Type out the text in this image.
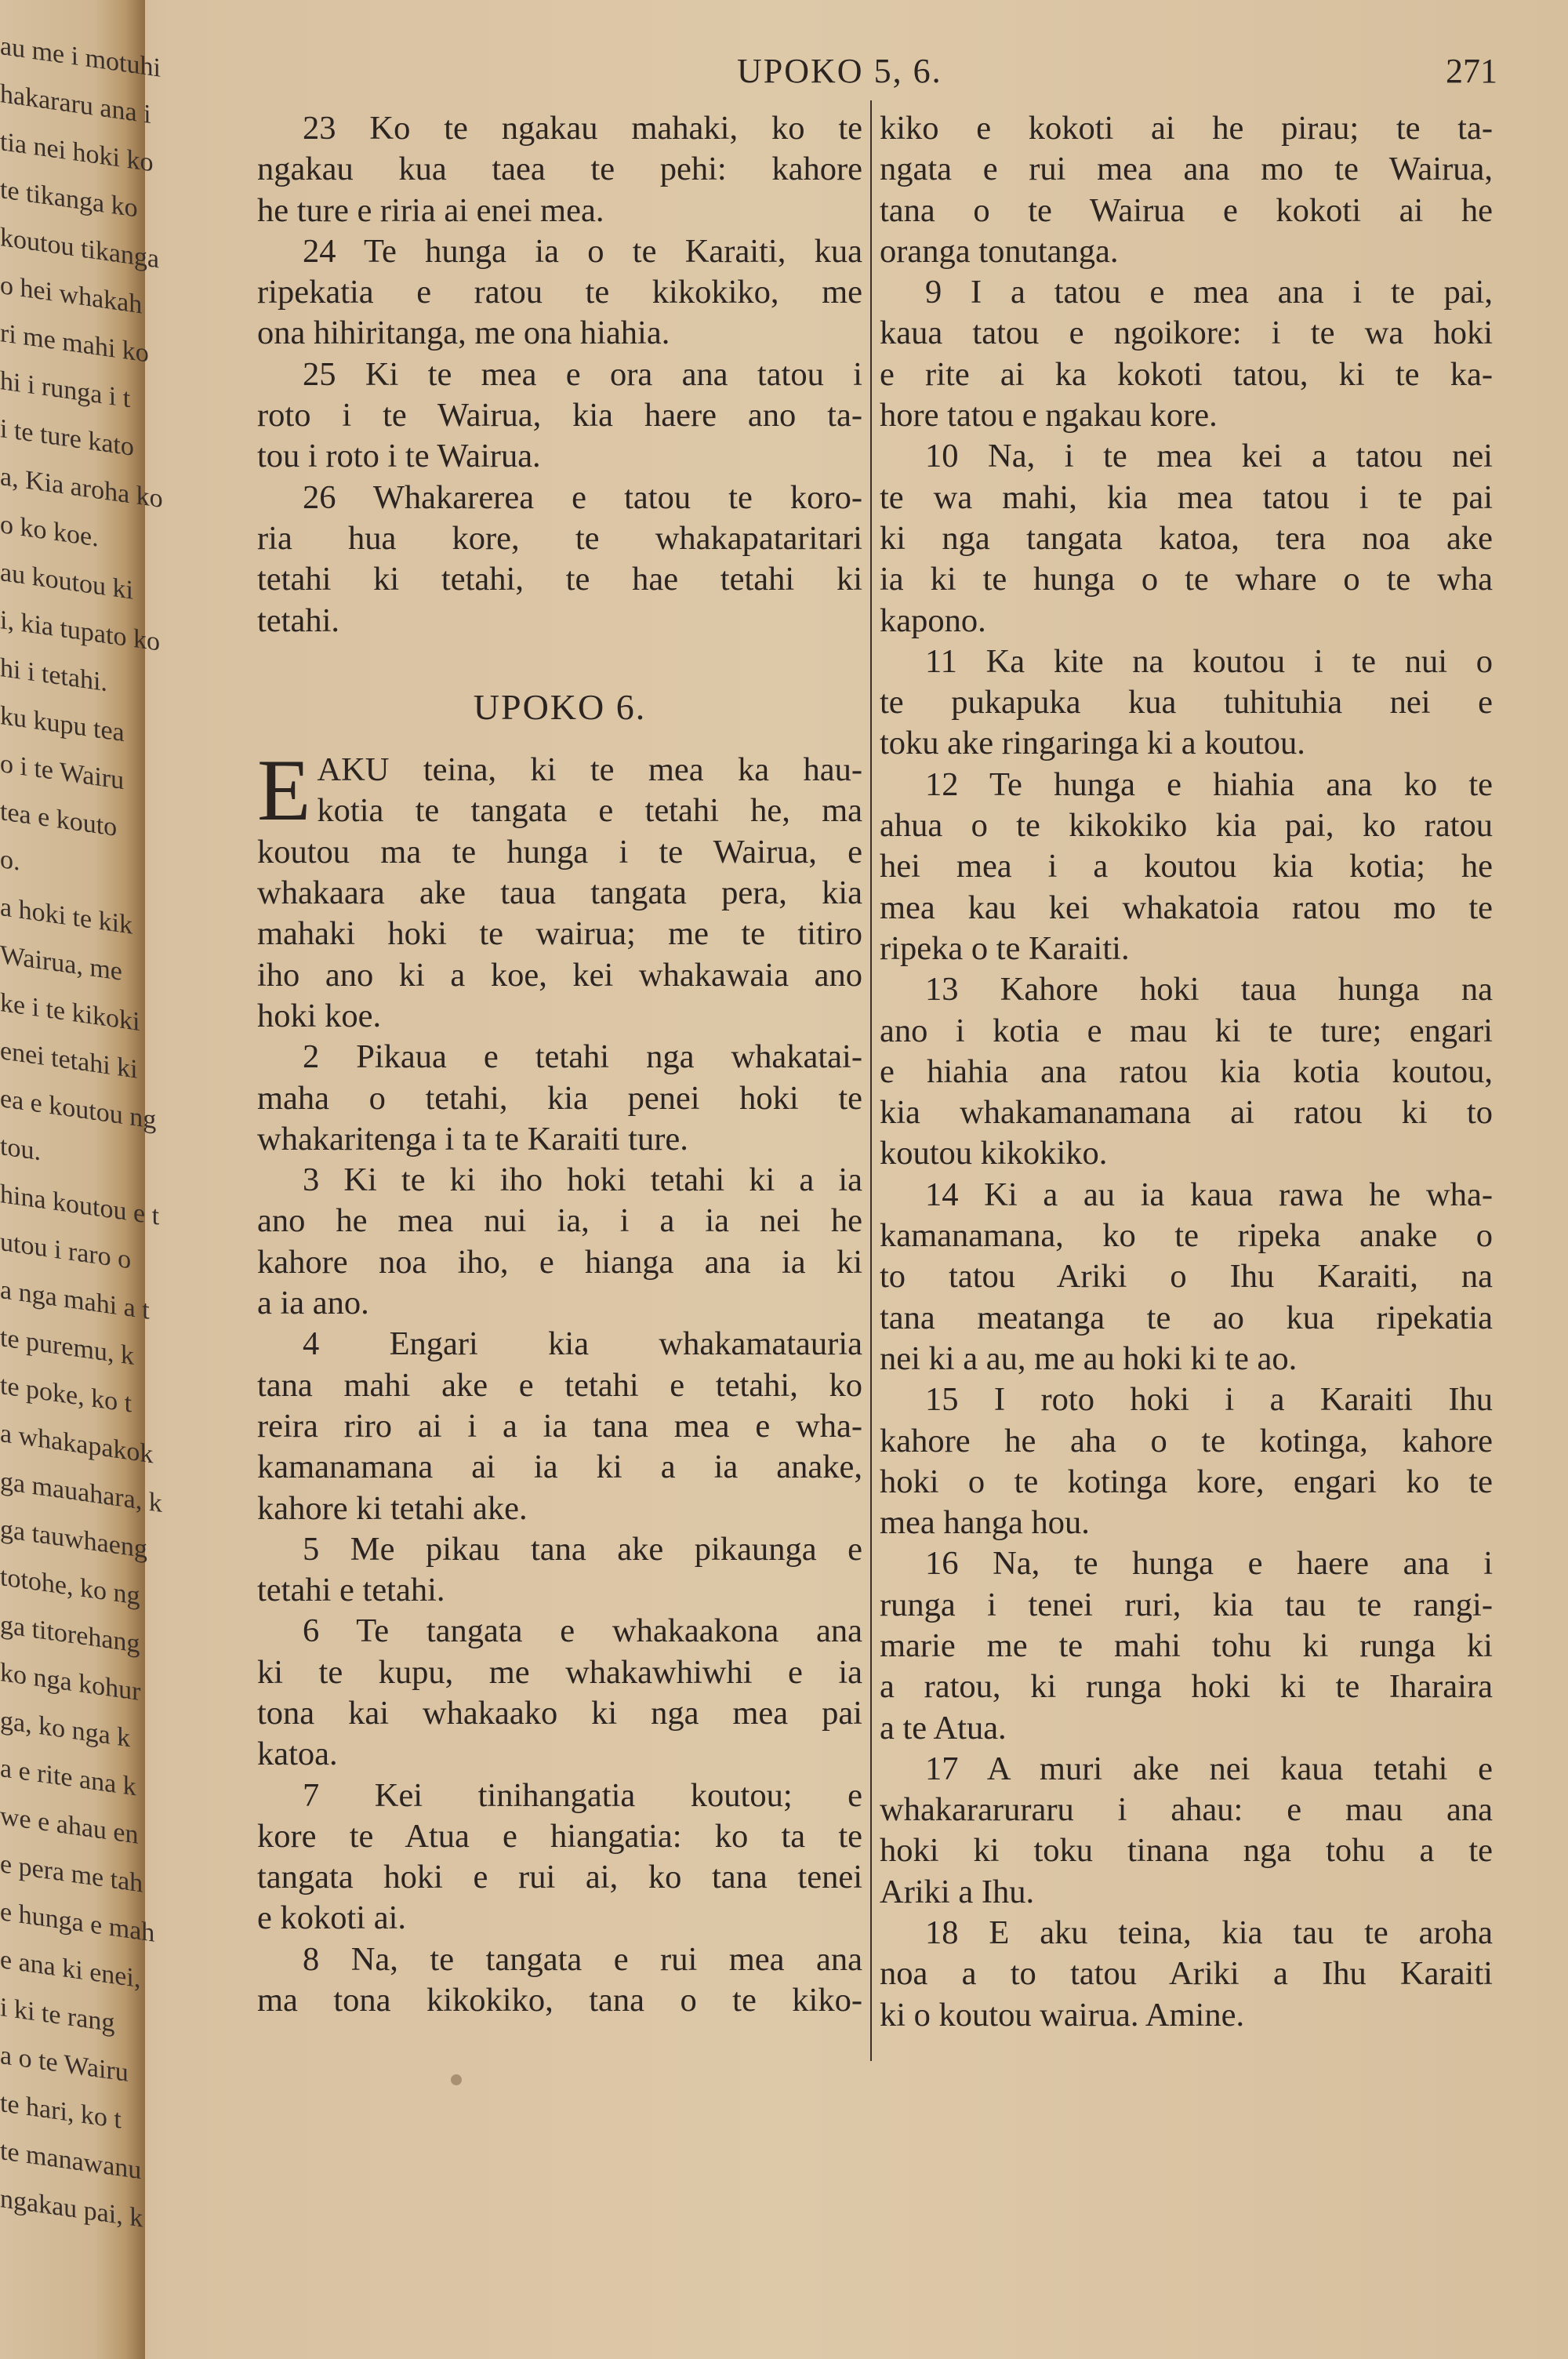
au me i motuhi
hakararu ana i
tia nei hoki ko
te tikanga ko
koutou tikanga
o hei whakah
ri me mahi ko
hi i runga i t
i te ture kato
a, Kia aroha ko
o ko koe.
au koutou ki
i, kia tupato ko
hi i tetahi.
ku kupu tea
o i te Wairu
tea e kouto
o.
a hoki te kik
Wairua, me
ke i te kikoki
enei tetahi ki
ea e koutou ng
tou.
hina koutou e t
utou i raro o
a nga mahi a t
te puremu, k
te poke, ko t
a whakapakok
ga mauahara, k
ga tauwhaeng
totohe, ko ng
ga titorehang
ko nga kohur
ga, ko nga k
a e rite ana k
we e ahau en
e pera me tah
e hunga e mah
e ana ki enei,
i ki te rang
a o te Wairu
te hari, ko t
te manawanu
ngakau pai, k
UPOKO 5, 6.	271
23 Ko te ngakau mahaki, ko te
ngakau kua taea te pehi: kahore
he ture e riria ai enei mea.
24 Te hunga ia o te Karaiti, kua
ripekatia e ratou te kikokiko, me
ona hihiritanga, me ona hiahia.
25 Ki te mea e ora ana tatou i
roto i te Wairua, kia haere ano ta-
tou i roto i te Wairua.
26 Whakarerea e tatou te koro-
ria hua kore, te whakapataritari
tetahi ki tetahi, te hae tetahi ki
tetahi.
UPOKO 6.
E AKU teina, ki te mea ka hau-
kotia te tangata e tetahi he, ma
koutou ma te hunga i te Wairua, e
whakaara ake taua tangata pera, kia
mahaki hoki te wairua; me te titiro
iho ano ki a koe, kei whakawaia ano
hoki koe.
2 Pikaua e tetahi nga whakatai-
maha o tetahi, kia penei hoki te
whakaritenga i ta te Karaiti ture.
3 Ki te ki iho hoki tetahi ki a ia
ano he mea nui ia, i a ia nei he
kahore noa iho, e hianga ana ia ki
a ia ano.
4 Engari kia whakamatauria
tana mahi ake e tetahi e tetahi, ko
reira riro ai i a ia tana mea e wha-
kamanamana ai ia ki a ia anake,
kahore ki tetahi ake.
5 Me pikau tana ake pikaunga e
tetahi e tetahi.
6 Te tangata e whakaakona ana
ki te kupu, me whakawhiwhi e ia
tona kai whakaako ki nga mea pai
katoa.
7 Kei tinihangatia koutou; e
kore te Atua e hiangatia: ko ta te
tangata hoki e rui ai, ko tana tenei
e kokoti ai.
8 Na, te tangata e rui mea ana
ma tona kikokiko, tana o te kiko-
kiko e kokoti ai he pirau; te ta-
ngata e rui mea ana mo te Wairua,
tana o te Wairua e kokoti ai he
oranga tonutanga.
9 I a tatou e mea ana i te pai,
kaua tatou e ngoikore: i te wa hoki
e rite ai ka kokoti tatou, ki te ka-
hore tatou e ngakau kore.
10 Na, i te mea kei a tatou nei
te wa mahi, kia mea tatou i te pai
ki nga tangata katoa, tera noa ake
ia ki te hunga o te whare o te wha
kapono.
11 Ka kite na koutou i te nui o
te pukapuka kua tuhituhia nei e
toku ake ringaringa ki a koutou.
12 Te hunga e hiahia ana ko te
ahua o te kikokiko kia pai, ko ratou
hei mea i a koutou kia kotia; he
mea kau kei whakatoia ratou mo te
ripeka o te Karaiti.
13 Kahore hoki taua hunga na
ano i kotia e mau ki te ture; engari
e hiahia ana ratou kia kotia koutou,
kia whakamanamana ai ratou ki to
koutou kikokiko.
14 Ki a au ia kaua rawa he wha-
kamanamana, ko te ripeka anake o
to tatou Ariki o Ihu Karaiti, na
tana meatanga te ao kua ripekatia
nei ki a au, me au hoki ki te ao.
15 I roto hoki i a Karaiti Ihu
kahore he aha o te kotinga, kahore
hoki o te kotinga kore, engari ko te
mea hanga hou.
16 Na, te hunga e haere ana i
runga i tenei ruri, kia tau te rangi-
marie me te mahi tohu ki runga ki
a ratou, ki runga hoki ki te Iharaira
a te Atua.
17 A muri ake nei kaua tetahi e
whakararuraru i ahau: e mau ana
hoki ki toku tinana nga tohu a te
Ariki a Ihu.
18 E aku teina, kia tau te aroha
noa a to tatou Ariki a Ihu Karaiti
ki o koutou wairua. Amine.
